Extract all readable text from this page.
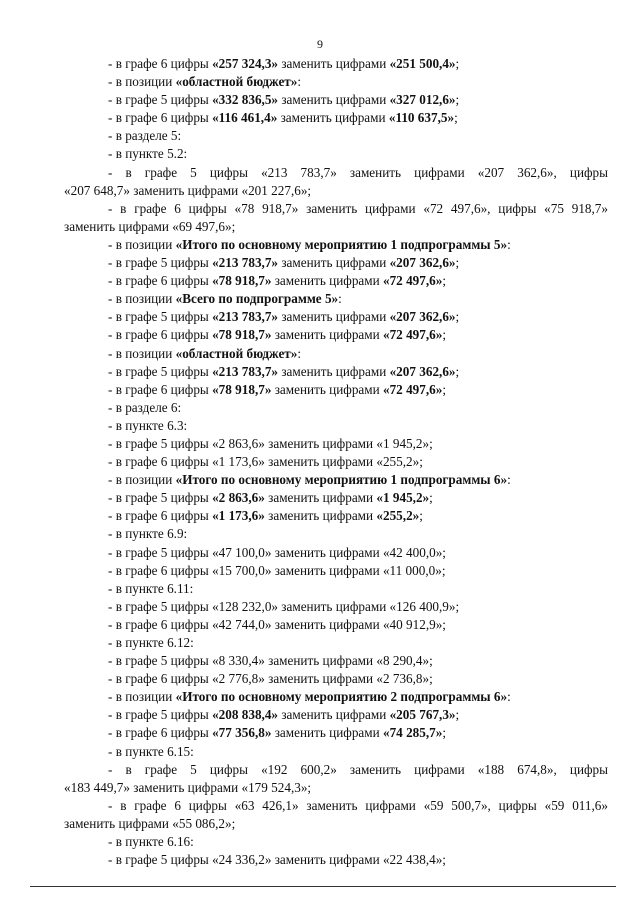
9
- в графе 6 цифры «257 324,3» заменить цифрами «251 500,4»;
- в позиции «областной бюджет»:
- в графе 5 цифры «332 836,5» заменить цифрами «327 012,6»;
- в графе 6 цифры «116 461,4» заменить цифрами «110 637,5»;
- в разделе 5:
- в пункте 5.2:
- в графе 5 цифры «213 783,7» заменить цифрами «207 362,6», цифры
«207 648,7» заменить цифрами «201 227,6»;
- в графе 6 цифры «78 918,7» заменить цифрами «72 497,6», цифры «75 918,7»
заменить цифрами «69 497,6»;
- в позиции «Итого по основному мероприятию 1 подпрограммы 5»:
- в графе 5 цифры «213 783,7» заменить цифрами «207 362,6»;
- в графе 6 цифры «78 918,7» заменить цифрами «72 497,6»;
- в позиции «Всего по подпрограмме 5»:
- в графе 5 цифры «213 783,7» заменить цифрами «207 362,6»;
- в графе 6 цифры «78 918,7» заменить цифрами «72 497,6»;
- в позиции «областной бюджет»:
- в графе 5 цифры «213 783,7» заменить цифрами «207 362,6»;
- в графе 6 цифры «78 918,7» заменить цифрами «72 497,6»;
- в разделе 6:
- в пункте 6.3:
- в графе 5 цифры «2 863,6» заменить цифрами «1 945,2»;
- в графе 6 цифры «1 173,6» заменить цифрами «255,2»;
- в позиции «Итого по основному мероприятию 1 подпрограммы 6»:
- в графе 5 цифры «2 863,6» заменить цифрами «1 945,2»;
- в графе 6 цифры «1 173,6» заменить цифрами «255,2»;
- в пункте 6.9:
- в графе 5 цифры «47 100,0» заменить цифрами «42 400,0»;
- в графе 6 цифры «15 700,0» заменить цифрами «11 000,0»;
- в пункте 6.11:
- в графе 5 цифры «128 232,0» заменить цифрами «126 400,9»;
- в графе 6 цифры «42 744,0» заменить цифрами «40 912,9»;
- в пункте 6.12:
- в графе 5 цифры «8 330,4» заменить цифрами «8 290,4»;
- в графе 6 цифры «2 776,8» заменить цифрами «2 736,8»;
- в позиции «Итого по основному мероприятию 2 подпрограммы 6»:
- в графе 5 цифры «208 838,4» заменить цифрами «205 767,3»;
- в графе 6 цифры «77 356,8» заменить цифрами «74 285,7»;
- в пункте 6.15:
- в графе 5 цифры «192 600,2» заменить цифрами «188 674,8», цифры
«183 449,7» заменить цифрами «179 524,3»;
- в графе 6 цифры «63 426,1» заменить цифрами «59 500,7», цифры «59 011,6»
заменить цифрами «55 086,2»;
- в пункте 6.16:
- в графе 5 цифры «24 336,2» заменить цифрами «22 438,4»;
